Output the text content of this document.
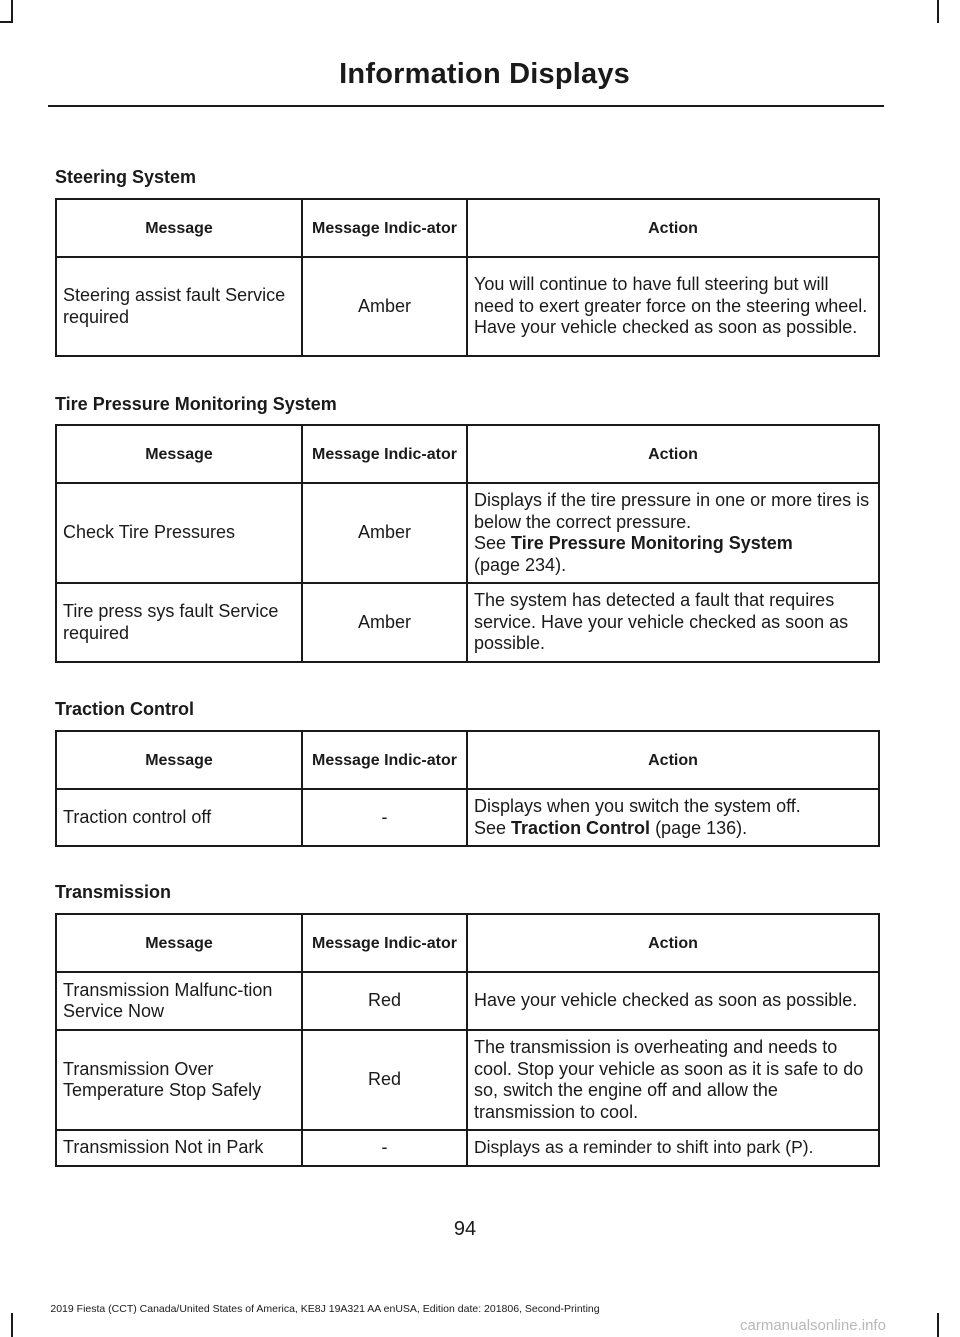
Information Displays
Steering System
Message	Message Indic-ator	Action
Steering assist fault Service required	Amber	You will continue to have full steering but will need to exert greater force on the steering wheel. Have your vehicle checked as soon as possible.
Tire Pressure Monitoring System
Message	Message Indic-ator	Action
Check Tire Pressures	Amber	Displays if the tire pressure in one or more tires is below the correct pressure.
See Tire Pressure Monitoring System
(page 234).
Tire press sys fault Service required	Amber	The system has detected a fault that requires service. Have your vehicle checked as soon as possible.
Traction Control
Message	Message Indic-ator	Action
Traction control off	-	Displays when you switch the system off.
See Traction Control (page 136).
Transmission
Message	Message Indic-ator	Action
Transmission Malfunc-tion Service Now	Red	Have your vehicle checked as soon as possible.
Transmission Over Temperature Stop Safely	Red	The transmission is overheating and needs to cool. Stop your vehicle as soon as it is safe to do so, switch the engine off and allow the transmission to cool.
Transmission Not in Park	-	Displays as a reminder to shift into park (P).
94
2019 Fiesta (CCT) Canada/United States of America, KE8J 19A321 AA enUSA, Edition date: 201806, Second-Printing
carmanualsonline.info
